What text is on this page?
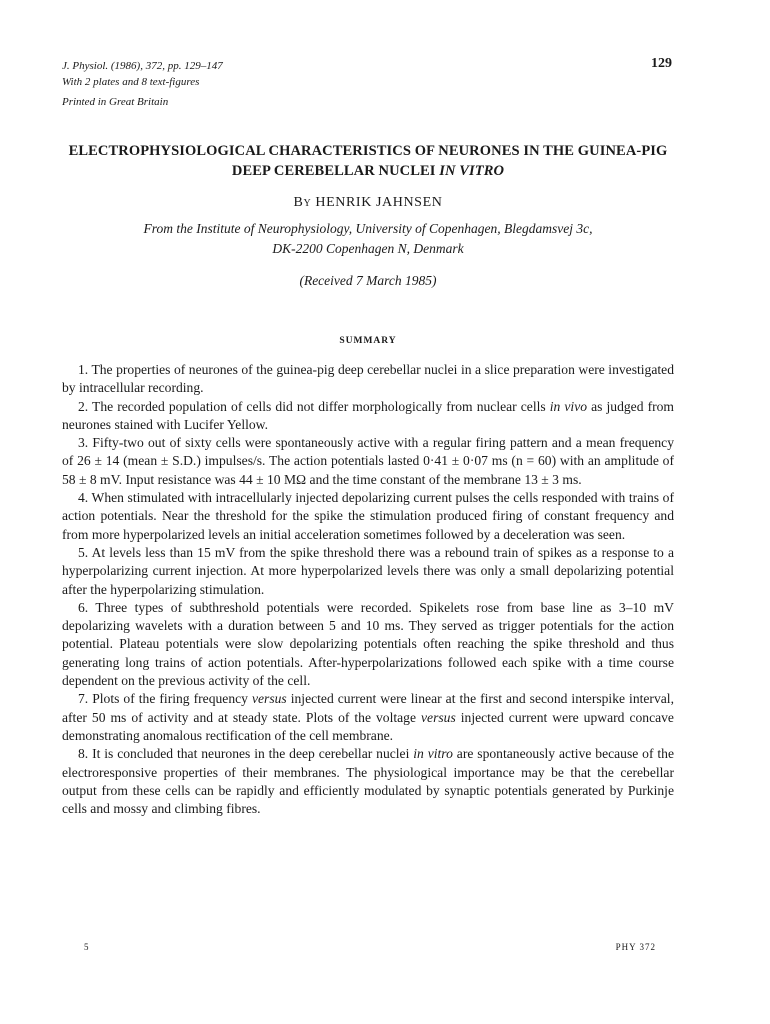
J. Physiol. (1986), 372, pp. 129–147
With 2 plates and 8 text-figures
Printed in Great Britain
129
ELECTROPHYSIOLOGICAL CHARACTERISTICS OF NEURONES IN THE GUINEA-PIG DEEP CEREBELLAR NUCLEI IN VITRO
By HENRIK JAHNSEN
From the Institute of Neurophysiology, University of Copenhagen, Blegdamsvej 3c,
DK-2200 Copenhagen N, Denmark
(Received 7 March 1985)
SUMMARY

1. The properties of neurones of the guinea-pig deep cerebellar nuclei in a slice preparation were investigated by intracellular recording.

2. The recorded population of cells did not differ morphologically from nuclear cells in vivo as judged from neurones stained with Lucifer Yellow.

3. Fifty-two out of sixty cells were spontaneously active with a regular firing pattern and a mean frequency of 26 ± 14 (mean ± S.D.) impulses/s. The action potentials lasted 0·41 ± 0·07 ms (n = 60) with an amplitude of 58 ± 8 mV. Input resistance was 44 ± 10 MΩ and the time constant of the membrane 13 ± 3 ms.

4. When stimulated with intracellularly injected depolarizing current pulses the cells responded with trains of action potentials. Near the threshold for the spike the stimulation produced firing of constant frequency and from more hyperpolarized levels an initial acceleration sometimes followed by a deceleration was seen.

5. At levels less than 15 mV from the spike threshold there was a rebound train of spikes as a response to a hyperpolarizing current injection. At more hyperpolarized levels there was only a small depolarizing potential after the hyperpolarizing stimulation.

6. Three types of subthreshold potentials were recorded. Spikelets rose from base line as 3–10 mV depolarizing wavelets with a duration between 5 and 10 ms. They served as trigger potentials for the action potential. Plateau potentials were slow depolarizing potentials often reaching the spike threshold and thus generating long trains of action potentials. After-hyperpolarizations followed each spike with a time course dependent on the previous activity of the cell.

7. Plots of the firing frequency versus injected current were linear at the first and second interspike interval, after 50 ms of activity and at steady state. Plots of the voltage versus injected current were upward concave demonstrating anomalous rectification of the cell membrane.

8. It is concluded that neurones in the deep cerebellar nuclei in vitro are spontaneously active because of the electroresponsive properties of their membranes. The physiological importance may be that the cerebellar output from these cells can be rapidly and efficiently modulated by synaptic potentials generated by Purkinje cells and mossy and climbing fibres.

5	PHY 372
